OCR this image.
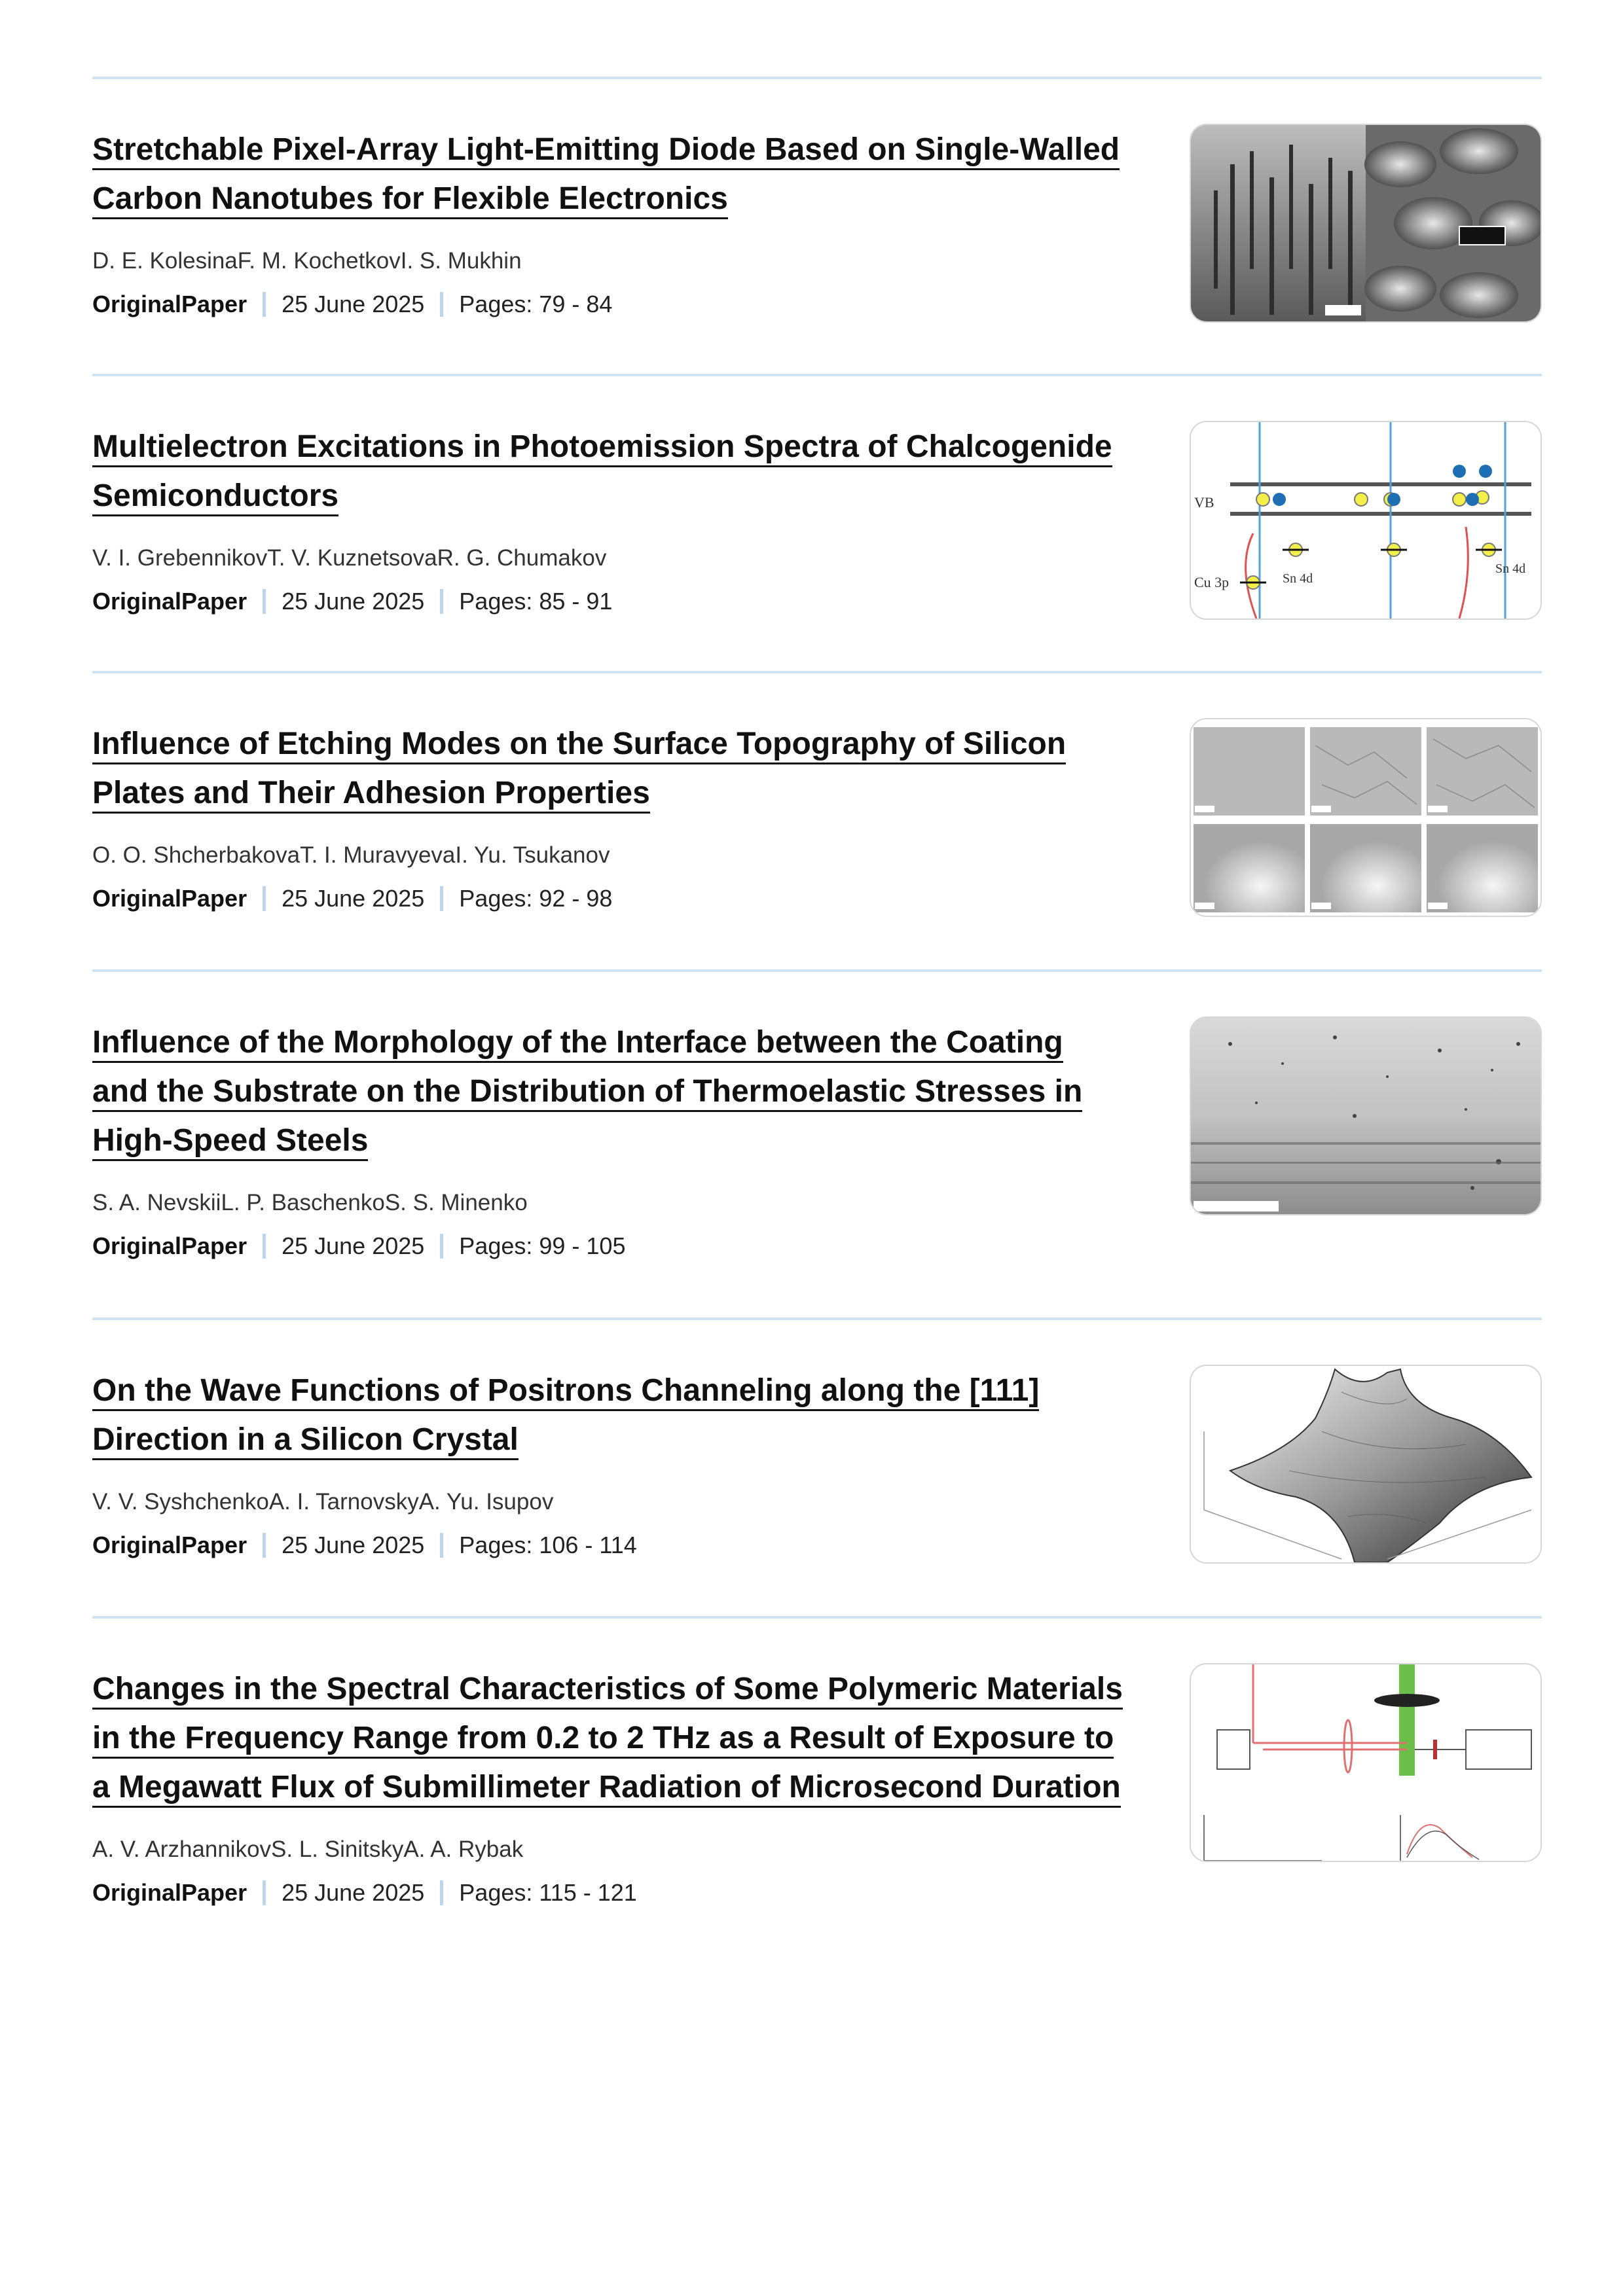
Stretchable Pixel-Array Light-Emitting Diode Based on Single-Walled Carbon Nanotubes for Flexible Electronics
D. E. KolesinaF. M. KochetkovI. S. Mukhin
OriginalPaper 25 June 2025 Pages: 79 - 84
Multielectron Excitations in Photoemission Spectra of Chalcogenide Semiconductors
V. I. GrebennikovT. V. KuznetsovaR. G. Chumakov
OriginalPaper 25 June 2025 Pages: 85 - 91
VB
Cu 3p	Sn 4d
Sn 4d
Influence of Etching Modes on the Surface Topography of Silicon Plates and Their Adhesion Properties
O. O. ShcherbakovaT. I. MuravyevaI. Yu. Tsukanov
OriginalPaper 25 June 2025 Pages: 92 - 98
Influence of the Morphology of the Interface between the Coating and the Substrate on the Distribution of Thermoelastic Stresses in High-Speed Steels
S. A. NevskiiL. P. BaschenkoS. S. Minenko
OriginalPaper 25 June 2025 Pages: 99 - 105
On the Wave Functions of Positrons Channeling along the [111] Direction in a Silicon Crystal
V. V. SyshchenkoA. I. TarnovskyA. Yu. Isupov
OriginalPaper 25 June 2025 Pages: 106 - 114
Changes in the Spectral Characteristics of Some Polymeric Materials in the Frequency Range from 0.2 to 2 THz as a Result of Exposure to a Megawatt Flux of Submillimeter Radiation of Microsecond Duration
A. V. ArzhannikovS. L. SinitskyA. A. Rybak
OriginalPaper 25 June 2025 Pages: 115 - 121
